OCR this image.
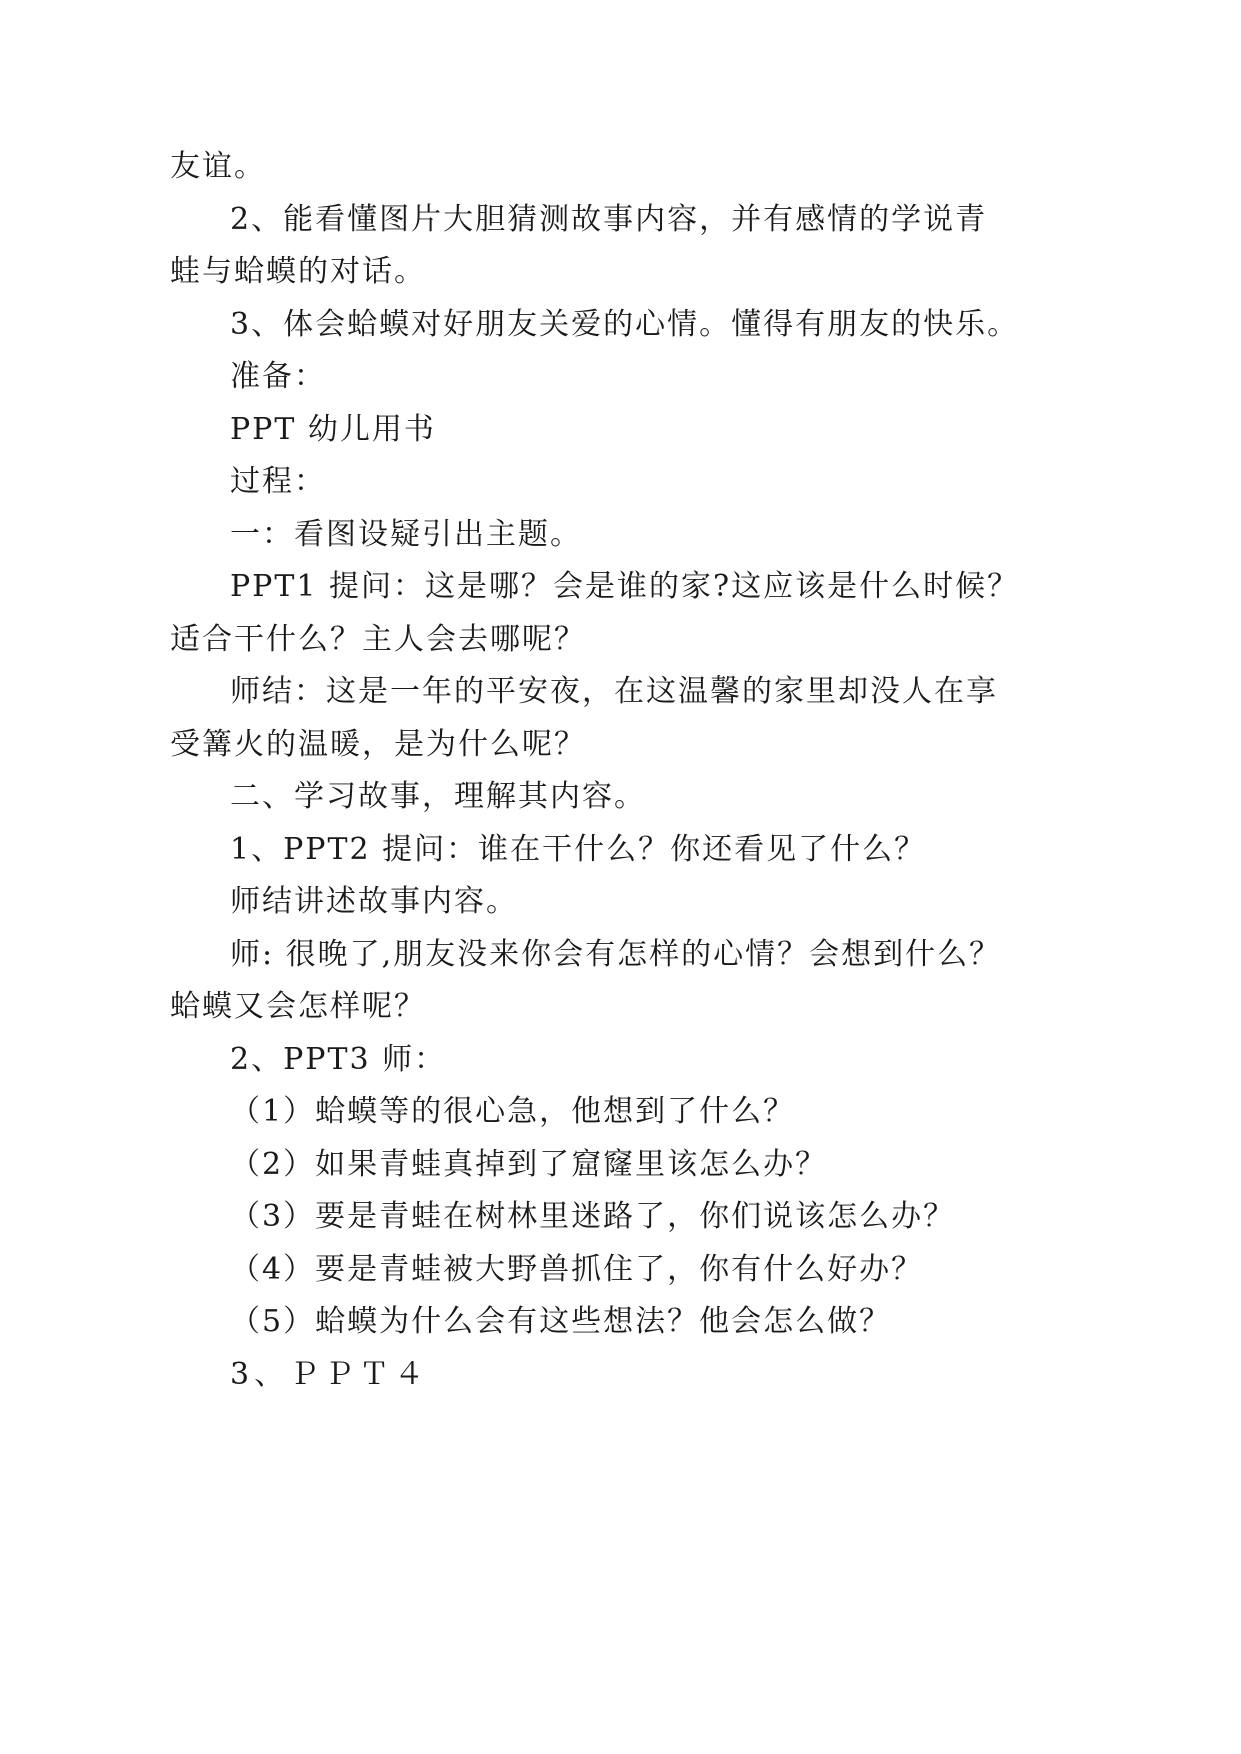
友谊。
2、能看懂图片大胆猜测故事内容，并有感情的学说青
蛙与蛤蟆的对话。
3、体会蛤蟆对好朋友关爱的心情。懂得有朋友的快乐。
准备：
PPT 幼儿用书
过程：
一：看图设疑引出主题。
PPT1 提问：这是哪？会是谁的家?这应该是什么时候？
适合干什么？主人会去哪呢？
师结：这是一年的平安夜，在这温馨的家里却没人在享
受篝火的温暖，是为什么呢？
二、学习故事，理解其内容。
1、PPT2 提问：谁在干什么？你还看见了什么？
师结讲述故事内容。
师: 很晚了,朋友没来你会有怎样的心情？会想到什么？
蛤蟆又会怎样呢？
2、PPT3 师：
（1）蛤蟆等的很心急，他想到了什么？
（2）如果青蛙真掉到了窟窿里该怎么办？
（3）要是青蛙在树林里迷路了，你们说该怎么办？
（4）要是青蛙被大野兽抓住了，你有什么好办？
（5）蛤蟆为什么会有这些想法？他会怎么做？
3、ＰＰＴ４
